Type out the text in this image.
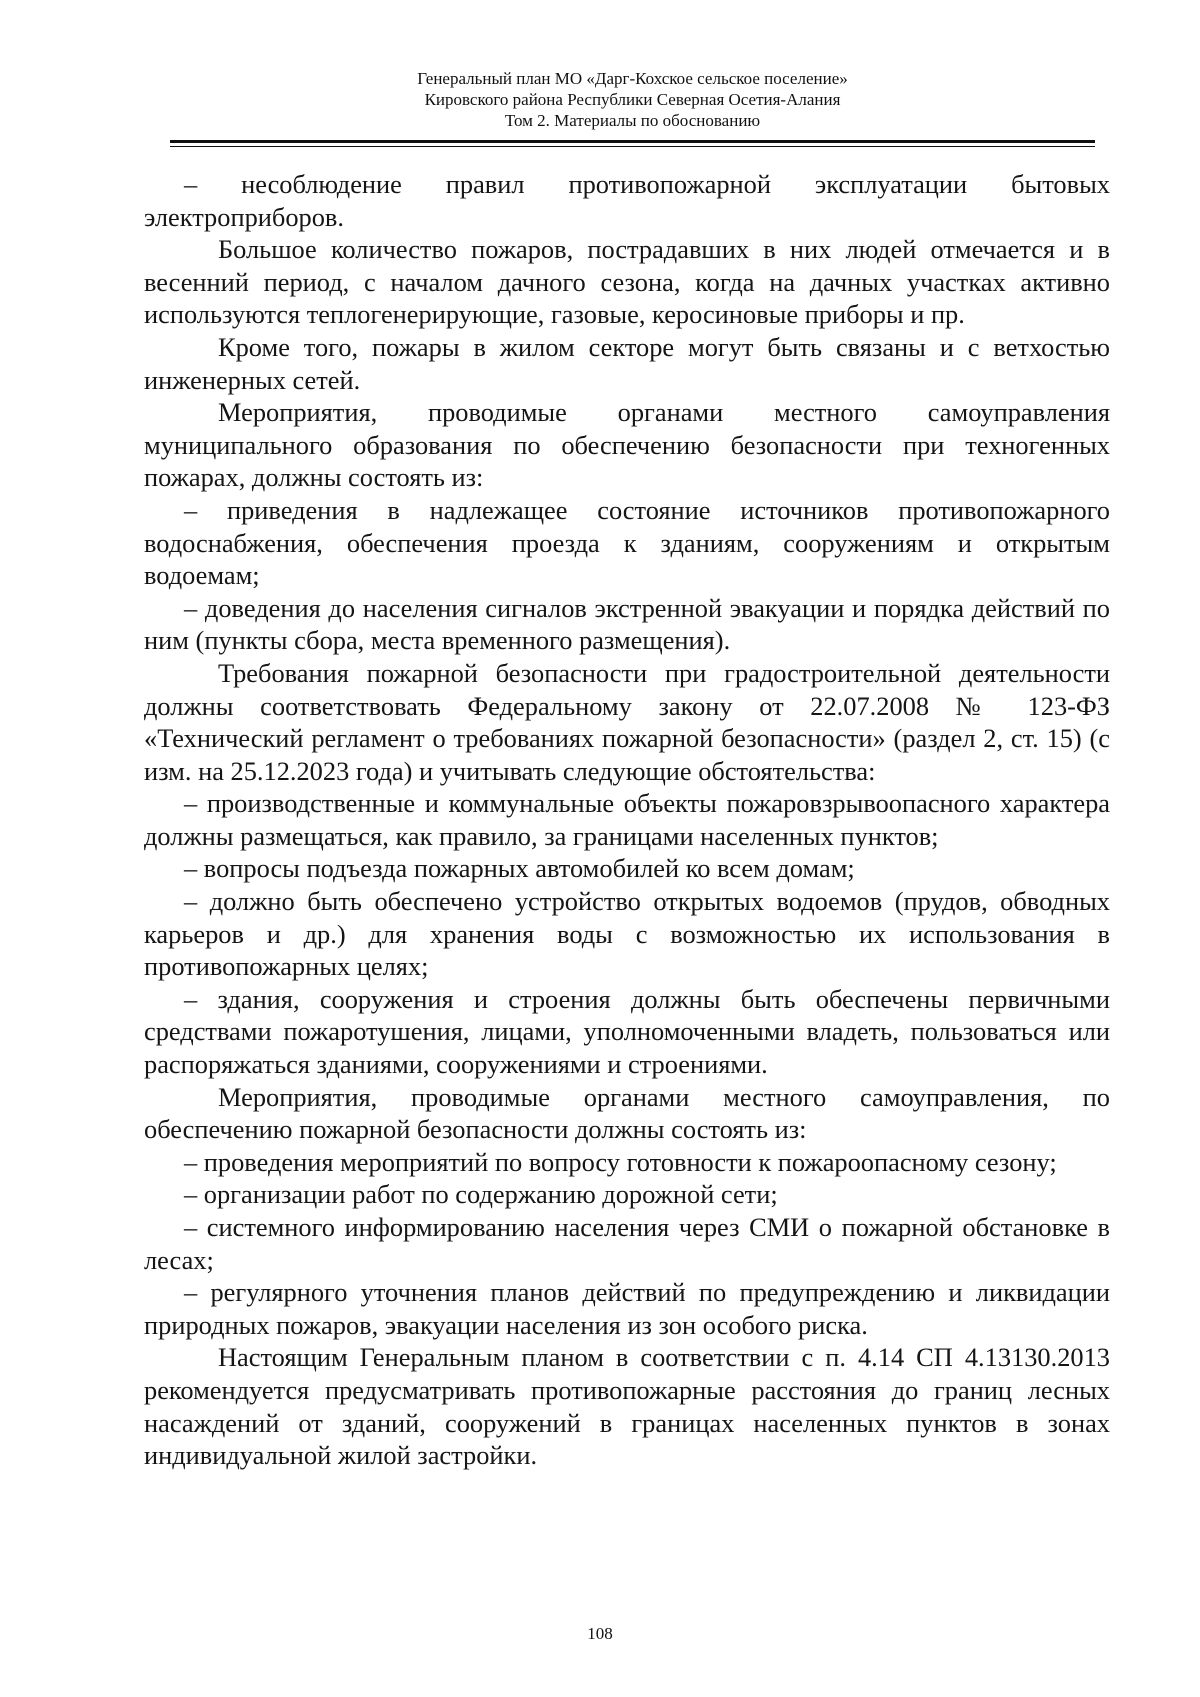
Генеральный план МО «Дарг-Кохское сельское поселение»
Кировского района Республики Северная Осетия-Алания
Том 2. Материалы по обоснованию

– несоблюдение правил противопожарной эксплуатации бытовых электроприборов.

Большое количество пожаров, пострадавших в них людей отмечается и в весенний период, с началом дачного сезона, когда на дачных участках активно используются теплогенерирующие, газовые, керосиновые приборы и пр.

Кроме того, пожары в жилом секторе могут быть связаны и с ветхостью инженерных сетей.

Мероприятия, проводимые органами местного самоуправления муниципального образования по обеспечению безопасности при техногенных пожарах, должны состоять из:

– приведения в надлежащее состояние источников противопожарного водоснабжения, обеспечения проезда к зданиям, сооружениям и открытым водоемам;

– доведения до населения сигналов экстренной эвакуации и порядка действий по ним (пункты сбора, места временного размещения).

Требования пожарной безопасности при градостроительной деятельности должны соответствовать Федеральному закону от 22.07.2008 № 123-ФЗ «Технический регламент о требованиях пожарной безопасности» (раздел 2, ст. 15) (с изм. на 25.12.2023 года) и учитывать следующие обстоятельства:

– производственные и коммунальные объекты пожаровзрывоопасного характера должны размещаться, как правило, за границами населенных пунктов;

– вопросы подъезда пожарных автомобилей ко всем домам;

– должно быть обеспечено устройство открытых водоемов (прудов, обводных карьеров и др.) для хранения воды с возможностью их использования в противопожарных целях;

– здания, сооружения и строения должны быть обеспечены первичными средствами пожаротушения, лицами, уполномоченными владеть, пользоваться или распоряжаться зданиями, сооружениями и строениями.

Мероприятия, проводимые органами местного самоуправления, по обеспечению пожарной безопасности должны состоять из:

– проведения мероприятий по вопросу готовности к пожароопасному сезону;

– организации работ по содержанию дорожной сети;

– системного информированию населения через СМИ о пожарной обстановке в лесах;

– регулярного уточнения планов действий по предупреждению и ликвидации природных пожаров, эвакуации населения из зон особого риска.

Настоящим Генеральным планом в соответствии с п. 4.14 СП 4.13130.2013 рекомендуется предусматривать противопожарные расстояния до границ лесных насаждений от зданий, сооружений в границах населенных пунктов в зонах индивидуальной жилой застройки.

108
